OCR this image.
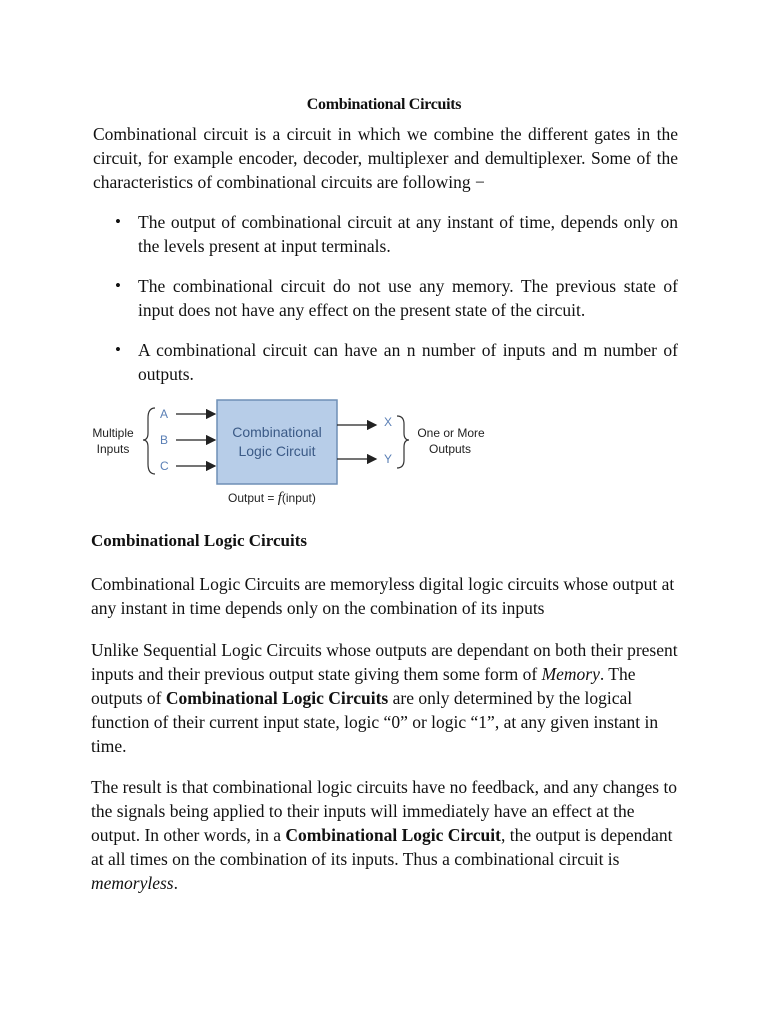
Combinational Circuits

Combinational circuit is a circuit in which we combine the different gates in the circuit, for example encoder, decoder, multiplexer and demultiplexer. Some of the characteristics of combinational circuits are following −

• The output of combinational circuit at any instant of time, depends only on the levels present at input terminals.
• The combinational circuit do not use any memory. The previous state of input does not have any effect on the present state of the circuit.
• A combinational circuit can have an n number of inputs and m number of outputs.
Multiple
Inputs
A
B
C
Combinational
Logic Circuit
X
Y
One or More
Outputs
Output = f(input)
Combinational Logic Circuits

Combinational Logic Circuits are memoryless digital logic circuits whose output at any instant in time depends only on the combination of its inputs

Unlike Sequential Logic Circuits whose outputs are dependant on both their present inputs and their previous output state giving them some form of Memory. The outputs of Combinational Logic Circuits are only determined by the logical function of their current input state, logic “0” or logic “1”, at any given instant in time.

The result is that combinational logic circuits have no feedback, and any changes to the signals being applied to their inputs will immediately have an effect at the output. In other words, in a Combinational Logic Circuit, the output is dependant at all times on the combination of its inputs. Thus a combinational circuit is memoryless.
